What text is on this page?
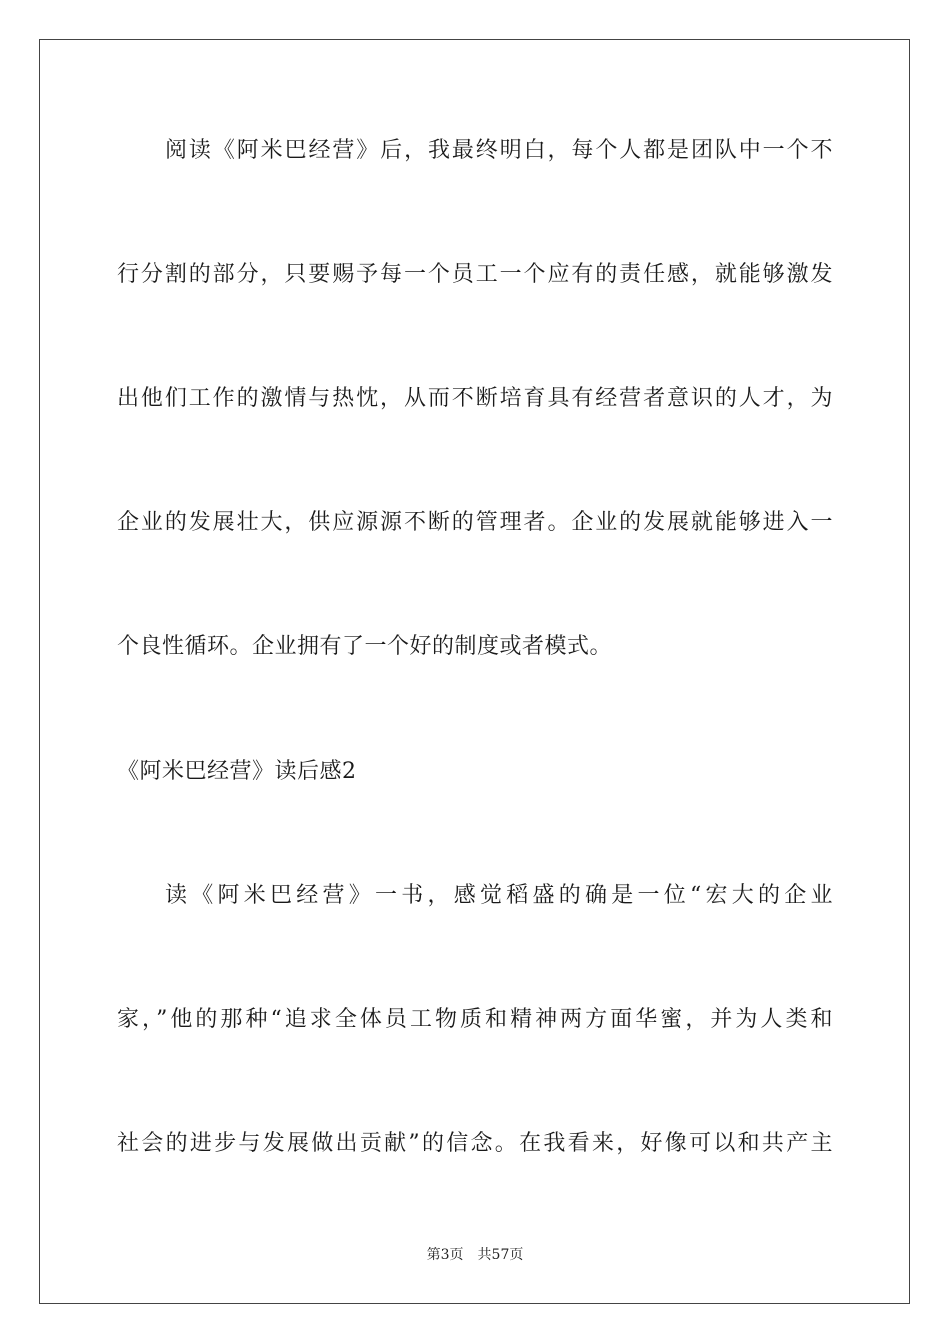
阅读《阿米巴经营》后，我最终明白，每个人都是团队中一个不
行分割的部分，只要赐予每一个员工一个应有的责任感，就能够激发
出他们工作的激情与热忱，从而不断培育具有经营者意识的人才，为
企业的发展壮大，供应源源不断的管理者。企业的发展就能够进入一
个良性循环。企业拥有了一个好的制度或者模式。
《阿米巴经营》读后感2
读《阿米巴经营》一书，感觉稻盛的确是一位“宏大的企业
家，”他的那种“追求全体员工物质和精神两方面华蜜，并为人类和
社会的进步与发展做出贡献”的信念。在我看来，好像可以和共产主
第3页 共57页
